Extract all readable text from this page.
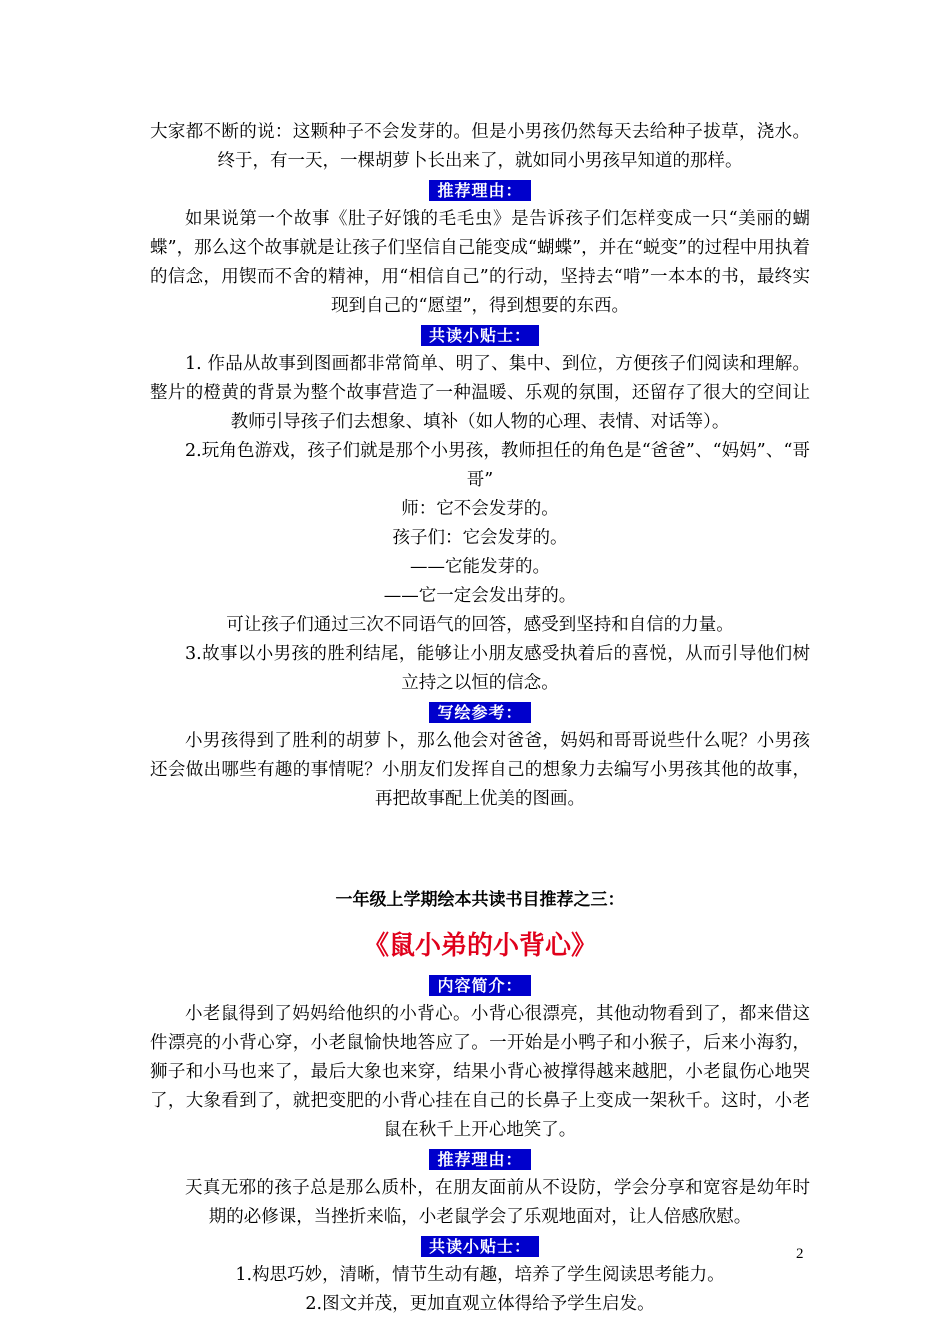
大家都不断的说：这颗种子不会发芽的。但是小男孩仍然每天去给种子拔草，浇水。终于，有一天，一棵胡萝卜长出来了，就如同小男孩早知道的那样。

推荐理由：

如果说第一个故事《肚子好饿的毛毛虫》是告诉孩子们怎样变成一只“美丽的蝴蝶”，那么这个故事就是让孩子们坚信自己能变成“蝴蝶”，并在“蜕变”的过程中用执着的信念，用锲而不舍的精神，用“相信自己”的行动，坚持去“啃”一本本的书，最终实现到自己的“愿望”，得到想要的东西。

共读小贴士：

1. 作品从故事到图画都非常简单、明了、集中、到位，方便孩子们阅读和理解。整片的橙黄的背景为整个故事营造了一种温暖、乐观的氛围，还留存了很大的空间让教师引导孩子们去想象、填补（如人物的心理、表情、对话等）。

2.玩角色游戏，孩子们就是那个小男孩，教师担任的角色是“爸爸”、“妈妈”、“哥哥”

师：它不会发芽的。

孩子们：它会发芽的。

——它能发芽的。

——它一定会发出芽的。

可让孩子们通过三次不同语气的回答，感受到坚持和自信的力量。

3.故事以小男孩的胜利结尾，能够让小朋友感受执着后的喜悦，从而引导他们树立持之以恒的信念。

写绘参考：

小男孩得到了胜利的胡萝卜，那么他会对爸爸，妈妈和哥哥说些什么呢？小男孩还会做出哪些有趣的事情呢？小朋友们发挥自己的想象力去编写小男孩其他的故事，再把故事配上优美的图画。

一年级上学期绘本共读书目推荐之三：

《鼠小弟的小背心》

内容简介：

小老鼠得到了妈妈给他织的小背心。小背心很漂亮，其他动物看到了，都来借这件漂亮的小背心穿，小老鼠愉快地答应了。一开始是小鸭子和小猴子，后来小海豹，狮子和小马也来了，最后大象也来穿，结果小背心被撑得越来越肥，小老鼠伤心地哭了，大象看到了，就把变肥的小背心挂在自己的长鼻子上变成一架秋千。这时，小老鼠在秋千上开心地笑了。

推荐理由：

天真无邪的孩子总是那么质朴，在朋友面前从不设防，学会分享和宽容是幼年时期的必修课，当挫折来临，小老鼠学会了乐观地面对，让人倍感欣慰。

共读小贴士：

1.构思巧妙，清晰，情节生动有趣，培养了学生阅读思考能力。

2.图文并茂，更加直观立体得给予学生启发。

2
